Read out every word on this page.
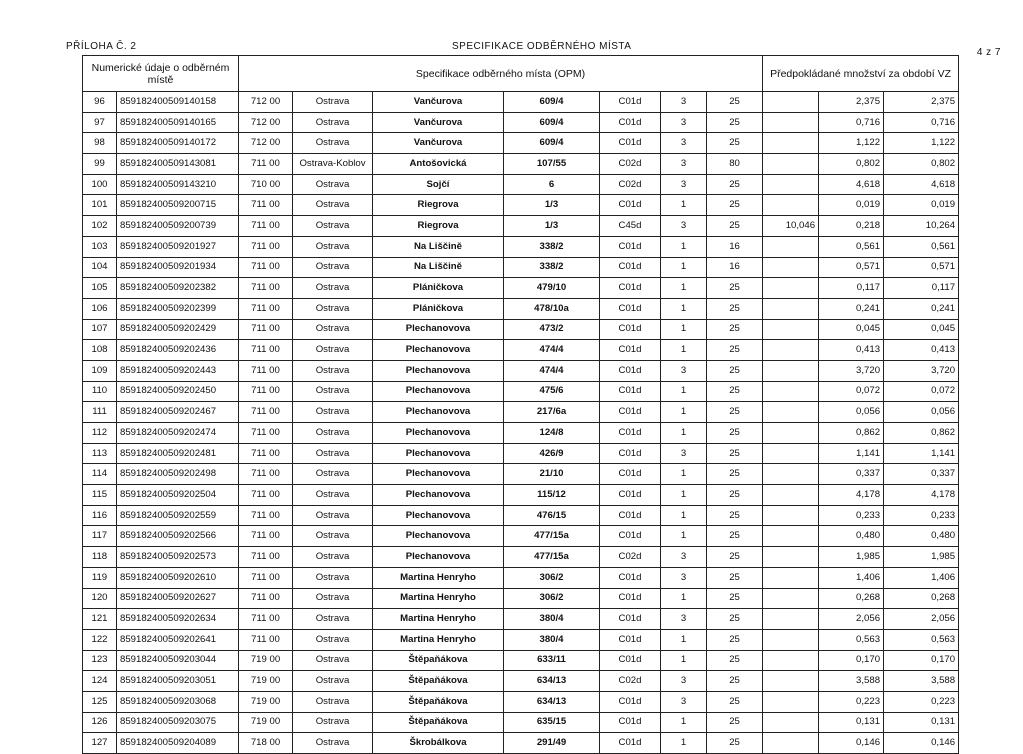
PŘÍLOHA Č. 2	SPECIFIKACE ODBĚRNÉHO MÍSTA
4 z 7
Numerické údaje o odběrném místě		Specifikace odběrného místa (OPM)							Předpokládané množství za období VZ		
96	859182400509140158	712 00	Ostrava	Vančurova	609/4	C01d	3	25		2,375	2,375
97	859182400509140165	712 00	Ostrava	Vančurova	609/4	C01d	3	25		0,716	0,716
98	859182400509140172	712 00	Ostrava	Vančurova	609/4	C01d	3	25		1,122	1,122
99	859182400509143081	711 00	Ostrava-Koblov	Antošovická	107/55	C02d	3	80		0,802	0,802
100	859182400509143210	710 00	Ostrava	Sojčí	6	C02d	3	25		4,618	4,618
101	859182400509200715	711 00	Ostrava	Riegrova	1/3	C01d	1	25		0,019	0,019
102	859182400509200739	711 00	Ostrava	Riegrova	1/3	C45d	3	25	10,046	0,218	10,264
103	859182400509201927	711 00	Ostrava	Na Liščině	338/2	C01d	1	16		0,561	0,561
104	859182400509201934	711 00	Ostrava	Na Liščině	338/2	C01d	1	16		0,571	0,571
105	859182400509202382	711 00	Ostrava	Pláničkova	479/10	C01d	1	25		0,117	0,117
106	859182400509202399	711 00	Ostrava	Pláničkova	478/10a	C01d	1	25		0,241	0,241
107	859182400509202429	711 00	Ostrava	Plechanovova	473/2	C01d	1	25		0,045	0,045
108	859182400509202436	711 00	Ostrava	Plechanovova	474/4	C01d	1	25		0,413	0,413
109	859182400509202443	711 00	Ostrava	Plechanovova	474/4	C01d	3	25		3,720	3,720
110	859182400509202450	711 00	Ostrava	Plechanovova	475/6	C01d	1	25		0,072	0,072
111	859182400509202467	711 00	Ostrava	Plechanovova	217/6a	C01d	1	25		0,056	0,056
112	859182400509202474	711 00	Ostrava	Plechanovova	124/8	C01d	1	25		0,862	0,862
113	859182400509202481	711 00	Ostrava	Plechanovova	426/9	C01d	3	25		1,141	1,141
114	859182400509202498	711 00	Ostrava	Plechanovova	21/10	C01d	1	25		0,337	0,337
115	859182400509202504	711 00	Ostrava	Plechanovova	115/12	C01d	1	25		4,178	4,178
116	859182400509202559	711 00	Ostrava	Plechanovova	476/15	C01d	1	25		0,233	0,233
117	859182400509202566	711 00	Ostrava	Plechanovova	477/15a	C01d	1	25		0,480	0,480
118	859182400509202573	711 00	Ostrava	Plechanovova	477/15a	C02d	3	25		1,985	1,985
119	859182400509202610	711 00	Ostrava	Martina Henryho	306/2	C01d	3	25		1,406	1,406
120	859182400509202627	711 00	Ostrava	Martina Henryho	306/2	C01d	1	25		0,268	0,268
121	859182400509202634	711 00	Ostrava	Martina Henryho	380/4	C01d	3	25		2,056	2,056
122	859182400509202641	711 00	Ostrava	Martina Henryho	380/4	C01d	1	25		0,563	0,563
123	859182400509203044	719 00	Ostrava	Štěpaňákova	633/11	C01d	1	25		0,170	0,170
124	859182400509203051	719 00	Ostrava	Štěpaňákova	634/13	C02d	3	25		3,588	3,588
125	859182400509203068	719 00	Ostrava	Štěpaňákova	634/13	C01d	3	25		0,223	0,223
126	859182400509203075	719 00	Ostrava	Štěpaňákova	635/15	C01d	1	25		0,131	0,131
127	859182400509204089	718 00	Ostrava	Škrobálkova	291/49	C01d	1	25		0,146	0,146
